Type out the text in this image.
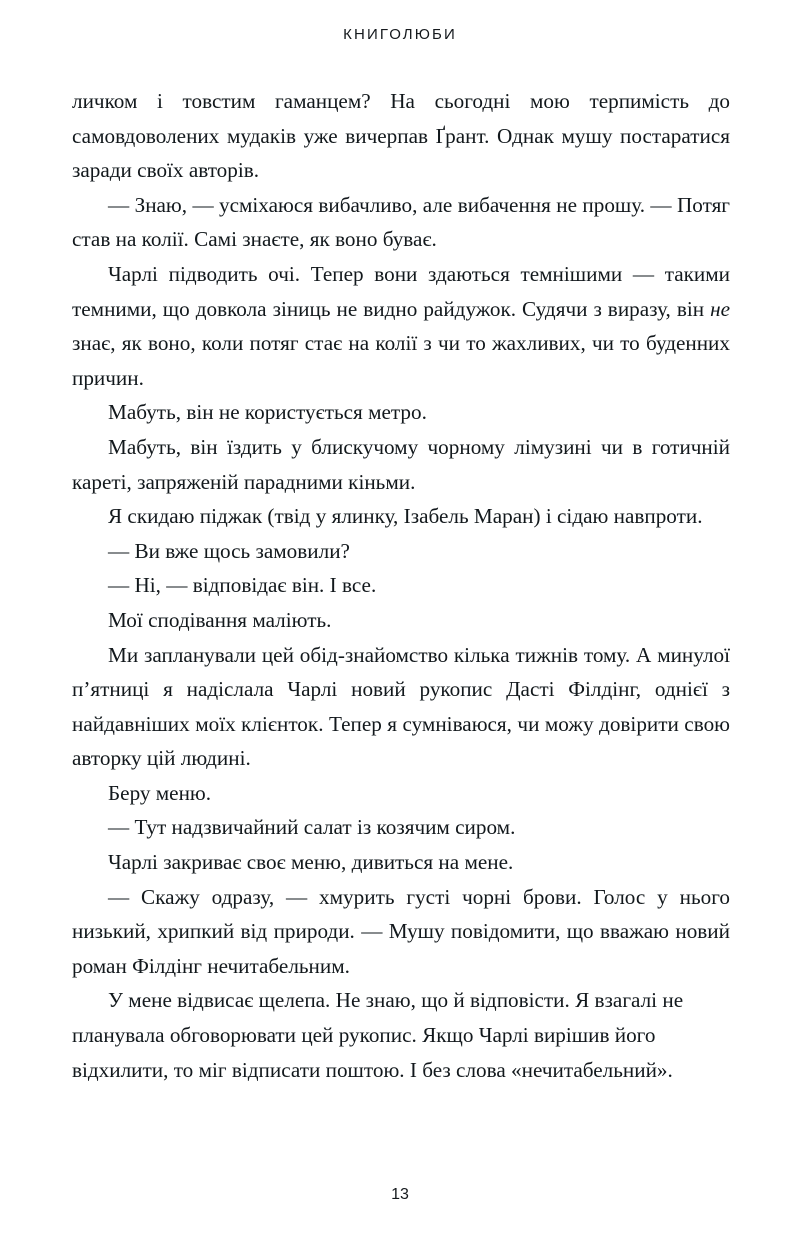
КНИГОЛЮБИ

личком і товстим гаманцем? На сьогодні мою терпимість до самовдоволених мудаків уже вичерпав Ґрант. Однак мушу постаратися заради своїх авторів.

— Знаю, — усміхаюся вибачливо, але вибачення не прошу. — Потяг став на колії. Самі знаєте, як воно буває.

Чарлі підводить очі. Тепер вони здаються темнішими — такими темними, що довкола зіниць не видно райдужок. Судячи з виразу, він не знає, як воно, коли потяг стає на колії з чи то жахливих, чи то буденних причин.

Мабуть, він не користується метро.

Мабуть, він їздить у блискучому чорному лімузині чи в готичній кареті, запряженій парадними кіньми.

Я скидаю піджак (твід у ялинку, Ізабель Маран) і сідаю навпроти.

— Ви вже щось замовили?

— Ні, — відповідає він. І все.

Мої сподівання маліють.

Ми запланували цей обід-знайомство кілька тижнів тому. А минулої п’ятниці я надіслала Чарлі новий рукопис Дасті Філдінг, однієї з найдавніших моїх клієнток. Тепер я сумніваюся, чи можу довірити свою авторку цій людині.

Беру меню.

— Тут надзвичайний салат із козячим сиром.

Чарлі закриває своє меню, дивиться на мене.

— Скажу одразу, — хмурить густі чорні брови. Голос у нього низький, хрипкий від природи. — Мушу повідомити, що вважаю новий роман Філдінг нечитабельним.

У мене відвисає щелепа. Не знаю, що й відповісти. Я взагалі не планувала обговорювати цей рукопис. Якщо Чарлі вирішив його відхилити, то міг відписати поштою. І без слова «нечитабельний».

13
